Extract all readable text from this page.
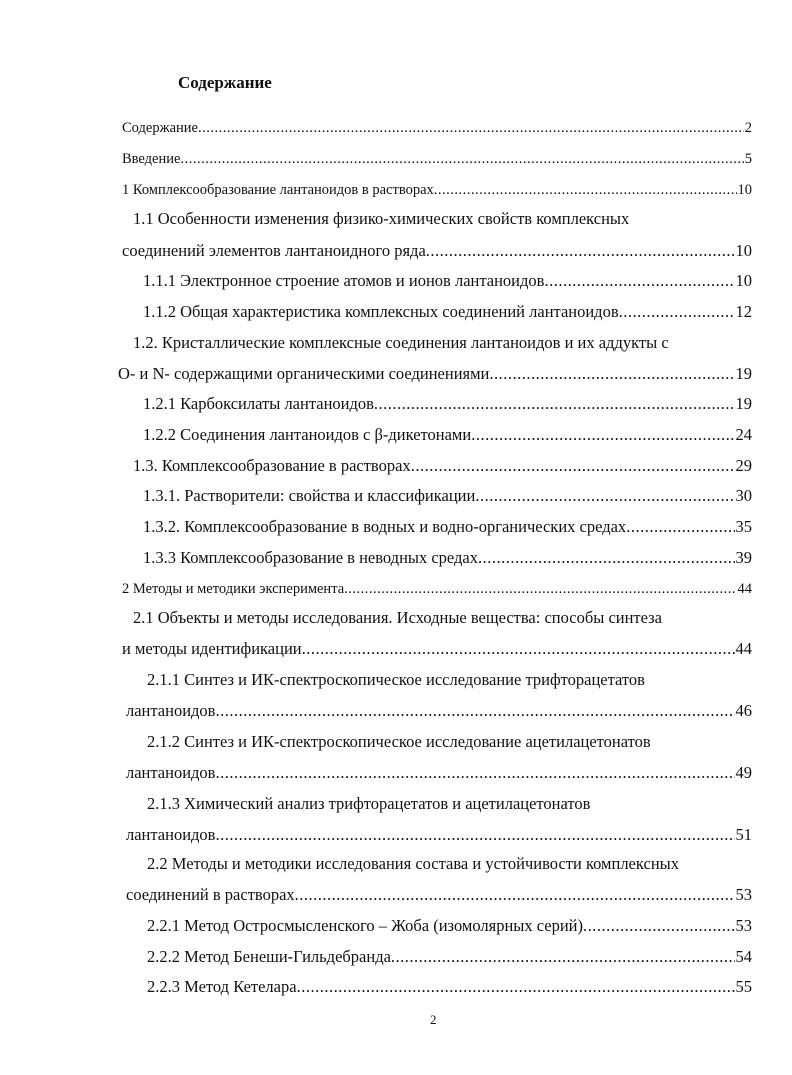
Содержание
Содержание .....	2
Введение .....	5
1 Комплексообразование лантаноидов в растворах .....	10
1.1 Особенности изменения физико-химических свойств комплексных
соединений элементов лантаноидного ряда .....	10
1.1.1 Электронное строение атомов и ионов лантаноидов .....	10
1.1.2 Общая характеристика комплексных соединений лантаноидов .....	12
1.2. Кристаллические комплексные соединения лантаноидов и их аддукты с
O- и N- содержащими органическими соединениями .....	19
1.2.1 Карбоксилаты лантаноидов .....	19
1.2.2 Соединения лантаноидов с β-дикетонами .....	24
1.3. Комплексообразование в растворах .....	29
1.3.1. Растворители: свойства и классификации .....	30
1.3.2. Комплексообразование в водных и водно-органических средах .....	35
1.3.3 Комплексообразование в неводных средах .....	39
2 Методы и методики эксперимента .....	44
2.1 Объекты и методы исследования. Исходные вещества: способы синтеза
и методы идентификации .....	44
2.1.1 Синтез и ИК-спектроскопическое исследование трифторацетатов
лантаноидов .....	46
2.1.2 Синтез и ИК-спектроскопическое исследование ацетилацетонатов
лантаноидов .....	49
2.1.3 Химический анализ трифторацетатов и ацетилацетонатов
лантаноидов .....	51
2.2 Методы и методики исследования состава и устойчивости комплексных
соединений в растворах .....	53
2.2.1 Метод Остросмысленского – Жоба (изомолярных серий) .....	53
2.2.2 Метод Бенеши-Гильдебранда .....	54
2.2.3 Метод Кетелара .....	55
2
